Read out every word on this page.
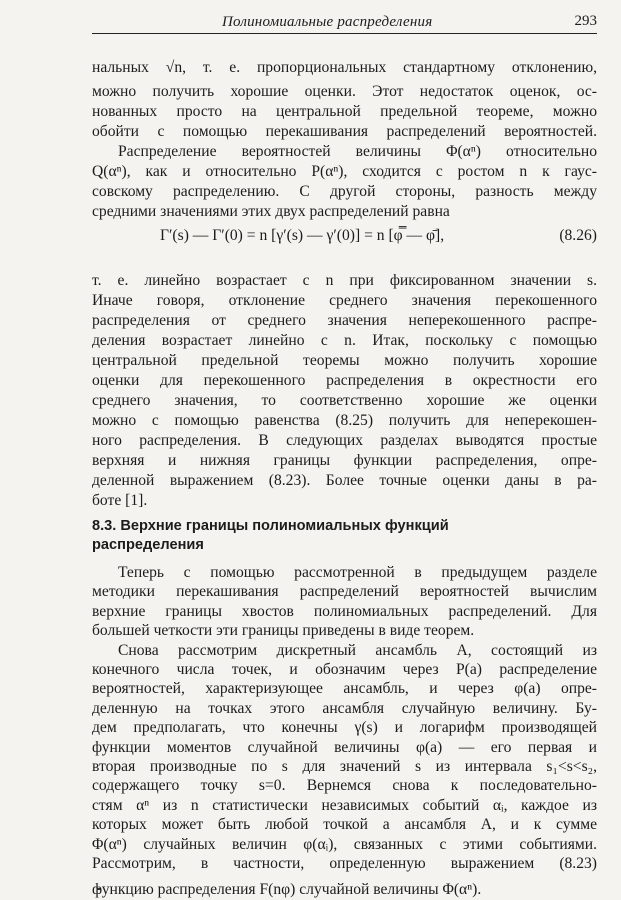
Полиномиальные распределения	293
нальных √n, т. е. пропорциональных стандартному отклонению,
можно получить хорошие оценки. Этот недостаток оценок, ос-
нованных просто на центральной предельной теореме, можно
обойти с помощью перекашивания распределений вероятностей.
Распределение вероятностей величины Φ(αⁿ) относительно
Q(αⁿ), как и относительно P(αⁿ), сходится с ростом n к гаус-
совскому распределению. С другой стороны, разность между
средними значениями этих двух распределений равна
Γ′(s) — Γ′(0) = n [γ′(s) — γ′(0)] = n [φ̿ — φ̄],	(8.26)
т. е. линейно возрастает с n при фиксированном значении s.
Иначе говоря, отклонение среднего значения перекошенного
распределения от среднего значения неперекошенного распре-
деления возрастает линейно с n. Итак, поскольку с помощью
центральной предельной теоремы можно получить хорошие
оценки для перекошенного распределения в окрестности его
среднего значения, то соответственно хорошие же оценки
можно с помощью равенства (8.25) получить для неперекошен-
ного распределения. В следующих разделах выводятся простые
верхняя и нижняя границы функции распределения, опре-
деленной выражением (8.23). Более точные оценки даны в ра-
боте [1].
8.3. Верхние границы полиномиальных функций
распределения
Теперь с помощью рассмотренной в предыдущем разделе
методики перекашивания распределений вероятностей вычислим
верхние границы хвостов полиномиальных распределений. Для
большей четкости эти границы приведены в виде теорем.
Снова рассмотрим дискретный ансамбль A, состоящий из
конечного числа точек, и обозначим через P(a) распределение
вероятностей, характеризующее ансамбль, и через φ(a) опре-
деленную на точках этого ансамбля случайную величину. Бу-
дем предполагать, что конечны γ(s) и логарифм производящей
функции моментов случайной величины φ(a) — его первая и
вторая производные по s для значений s из интервала s₁<s<s₂,
содержащего точку s=0. Вернемся снова к последовательно-
стям αⁿ из n статистически независимых событий αᵢ, каждое из
которых может быть любой точкой a ансамбля A, и к сумме
Φ(αⁿ) случайных величин φ(αᵢ), связанных с этими событиями.
Рассмотрим, в частности, определенную выражением (8.23)
функцию распределения F(nφ) случайной величины Φ(αⁿ).
